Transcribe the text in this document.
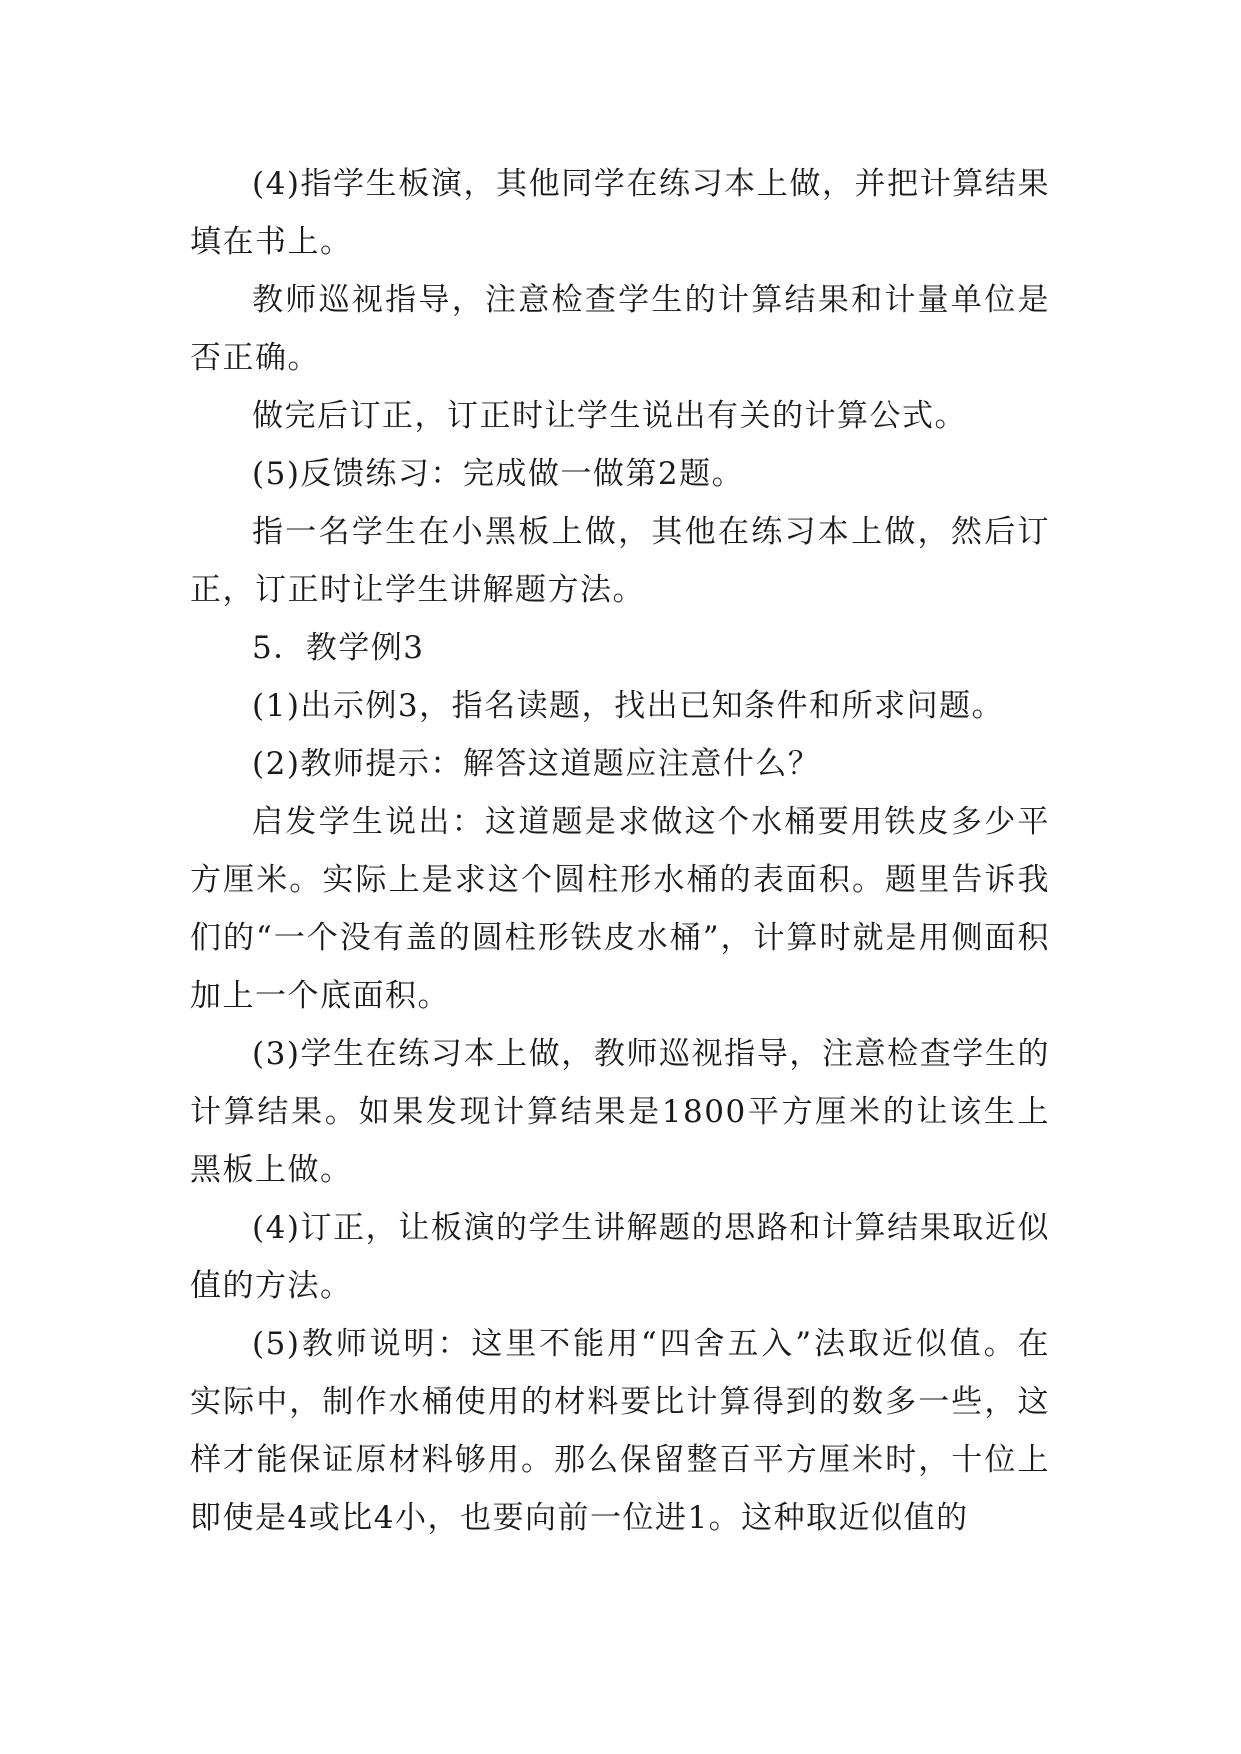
(4)指学生板演，其他同学在练习本上做，并把计算结果填在书上。

教师巡视指导，注意检查学生的计算结果和计量单位是否正确。

做完后订正，订正时让学生说出有关的计算公式。

(5)反馈练习：完成做一做第2题。

指一名学生在小黑板上做，其他在练习本上做，然后订正，订正时让学生讲解题方法。

5．教学例3

(1)出示例3，指名读题，找出已知条件和所求问题。

(2)教师提示：解答这道题应注意什么？

启发学生说出：这道题是求做这个水桶要用铁皮多少平方厘米。实际上是求这个圆柱形水桶的表面积。题里告诉我们的“一个没有盖的圆柱形铁皮水桶”，计算时就是用侧面积加上一个底面积。

(3)学生在练习本上做，教师巡视指导，注意检查学生的计算结果。如果发现计算结果是1800平方厘米的让该生上黑板上做。

(4)订正，让板演的学生讲解题的思路和计算结果取近似值的方法。

(5)教师说明：这里不能用“四舍五入”法取近似值。在实际中，制作水桶使用的材料要比计算得到的数多一些，这样才能保证原材料够用。那么保留整百平方厘米时，十位上即使是4或比4小，也要向前一位进1。这种取近似值的
